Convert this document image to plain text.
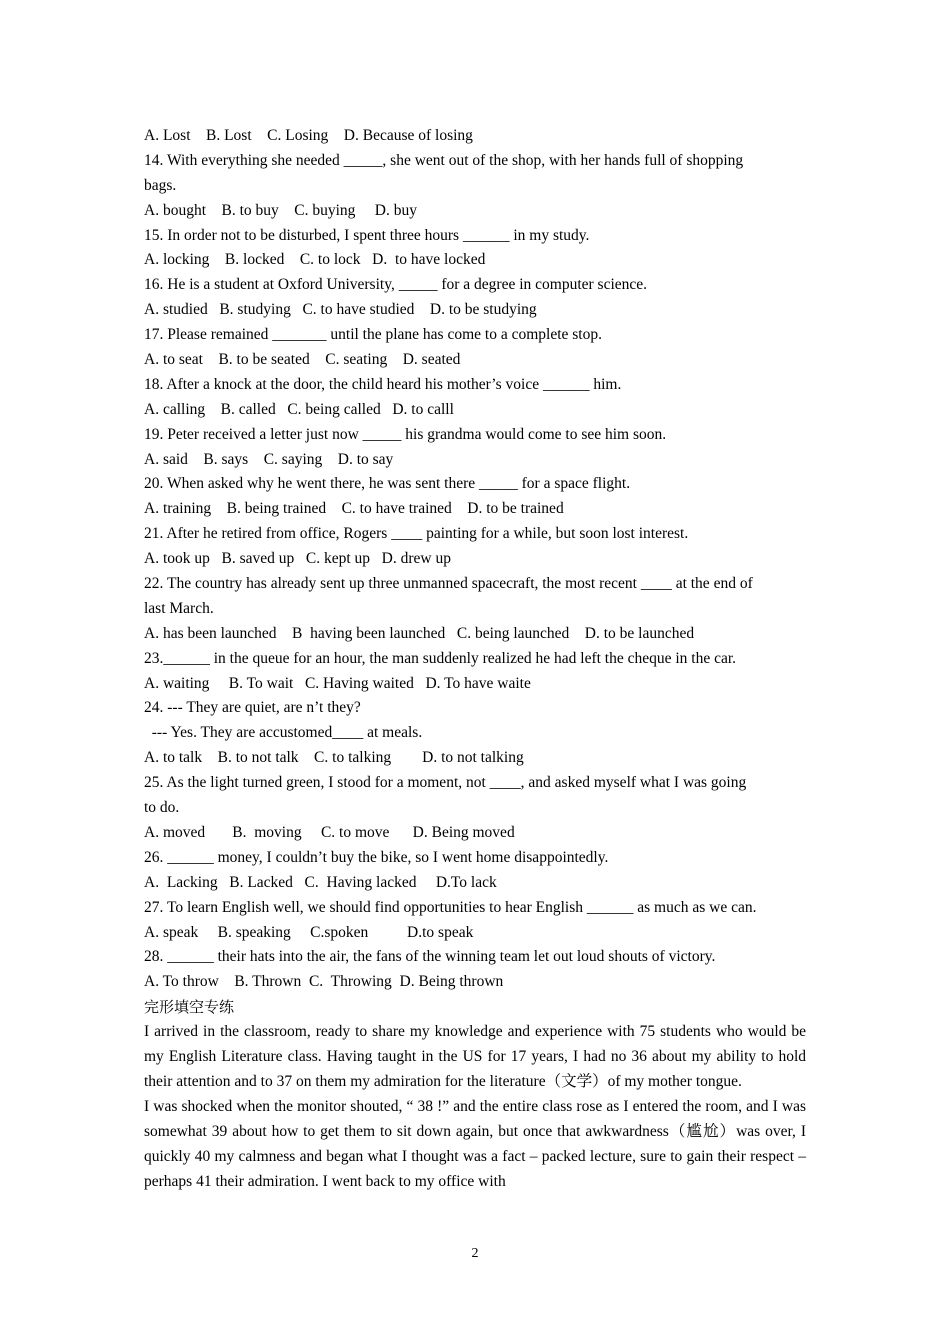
A. Lost    B. Lost    C. Losing    D. Because of losing
14. With everything she needed _____, she went out of the shop, with her hands full of shopping
bags.
A. bought    B. to buy    C. buying     D. buy
15. In order not to be disturbed, I spent three hours ______ in my study.
A. locking    B. locked    C. to lock   D.  to have locked
16. He is a student at Oxford University, _____ for a degree in computer science.
A. studied   B. studying   C. to have studied    D. to be studying
17. Please remained _______ until the plane has come to a complete stop.
A. to seat    B. to be seated    C. seating    D. seated
18. After a knock at the door, the child heard his mother’s voice ______ him.
A. calling    B. called   C. being called   D. to calll
19. Peter received a letter just now _____ his grandma would come to see him soon.
A. said    B. says    C. saying    D. to say
20. When asked why he went there, he was sent there _____ for a space flight.
A. training    B. being trained    C. to have trained    D. to be trained
21. After he retired from office, Rogers ____ painting for a while, but soon lost interest.
A. took up   B. saved up   C. kept up   D. drew up
22. The country has already sent up three unmanned spacecraft, the most recent ____ at the end of
last March.
A. has been launched    B  having been launched   C. being launched    D. to be launched
23.______ in the queue for an hour, the man suddenly realized he had left the cheque in the car.
A. waiting     B. To wait   C. Having waited   D. To have waite
24. --- They are quiet, are n’t they?
--- Yes. They are accustomed____ at meals.
A. to talk    B. to not talk    C. to talking        D. to not talking
25. As the light turned green, I stood for a moment, not ____, and asked myself what I was going
to do.
A. moved       B.  moving     C. to move      D. Being moved
26. ______ money, I couldn’t buy the bike, so I went home disappointedly.
A.  Lacking   B. Lacked   C.  Having lacked     D.To lack
27. To learn English well, we should find opportunities to hear English ______ as much as we can.
A. speak     B. speaking     C.spoken          D.to speak
28. ______ their hats into the air, the fans of the winning team let out loud shouts of victory.
A. To throw    B. Thrown  C.  Throwing  D. Being thrown
完形填空专练
I arrived in the classroom, ready to share my knowledge and experience with 75 students who would be my English Literature class. Having taught in the US for 17 years, I had no 36 about my ability to hold their attention and to 37 on them my admiration for the literature（文学）of my mother tongue.
I was shocked when the monitor shouted, “ 38 !” and the entire class rose as I entered the room, and I was somewhat 39 about how to get them to sit down again, but once that awkwardness（尴尬）was over, I quickly 40 my calmness and began what I thought was a fact – packed lecture, sure to gain their respect – perhaps 41 their admiration. I went back to my office with
2
